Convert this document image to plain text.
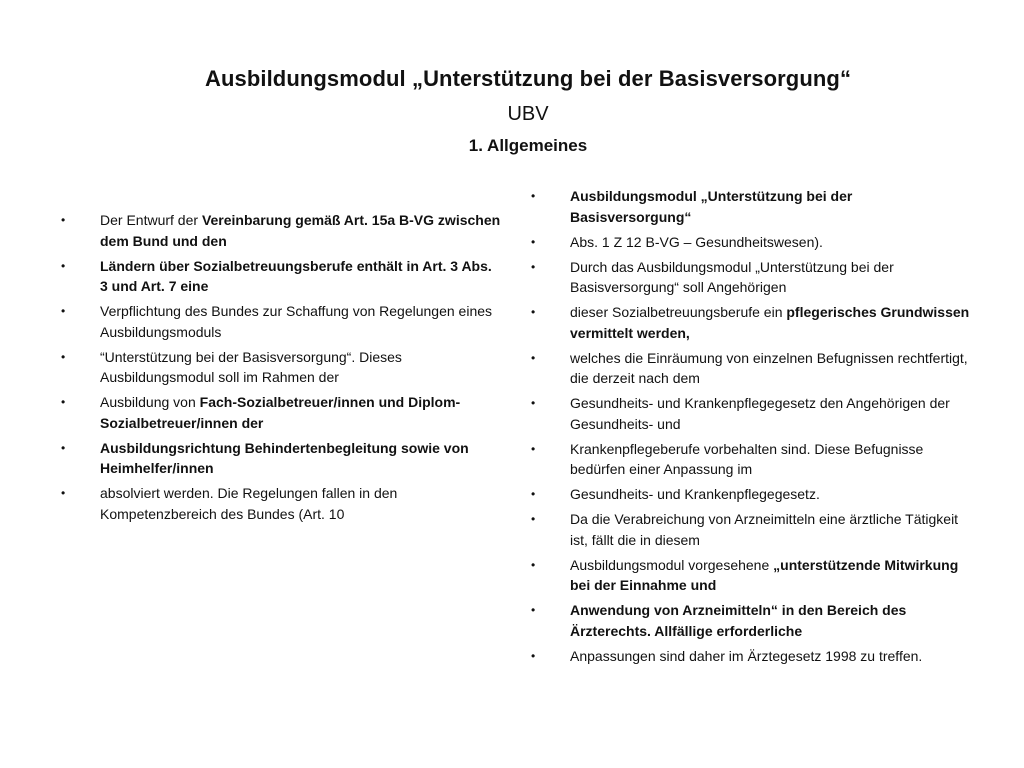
Ausbildungsmodul „Unterstützung bei der Basisversorgung“
UBV
1. Allgemeines
• Der Entwurf der Vereinbarung gemäß Art. 15a B-VG zwischen dem Bund und den
• Ländern über Sozialbetreuungsberufe enthält in Art. 3 Abs. 3 und Art. 7 eine
• Verpflichtung des Bundes zur Schaffung von Regelungen eines Ausbildungsmoduls
• “Unterstützung bei der Basisversorgung“. Dieses Ausbildungsmodul soll im Rahmen der
• Ausbildung von Fach-Sozialbetreuer/innen und Diplom-Sozialbetreuer/innen der
• Ausbildungsrichtung Behindertenbegleitung sowie von Heimhelfer/innen
• absolviert werden. Die Regelungen fallen in den Kompetenzbereich des Bundes (Art. 10
• Ausbildungsmodul „Unterstützung bei der Basisversorgung“
• Abs. 1 Z 12 B-VG – Gesundheitswesen).
• Durch das Ausbildungsmodul „Unterstützung bei der Basisversorgung“ soll Angehörigen
• dieser Sozialbetreuungsberufe ein pflegerisches Grundwissen vermittelt werden,
• welches die Einräumung von einzelnen Befugnissen rechtfertigt, die derzeit nach dem
• Gesundheits- und Krankenpflegegesetz den Angehörigen der Gesundheits- und
• Krankenpflegeberufe vorbehalten sind. Diese Befugnisse bedürfen einer Anpassung im
• Gesundheits- und Krankenpflegegesetz.
• Da die Verabreichung von Arzneimitteln eine ärztliche Tätigkeit ist, fällt die in diesem
• Ausbildungsmodul vorgesehene „unterstützende Mitwirkung bei der Einnahme und
• Anwendung von Arzneimitteln“ in den Bereich des Ärzterechts. Allfällige erforderliche
• Anpassungen sind daher im Ärztegesetz 1998 zu treffen.
